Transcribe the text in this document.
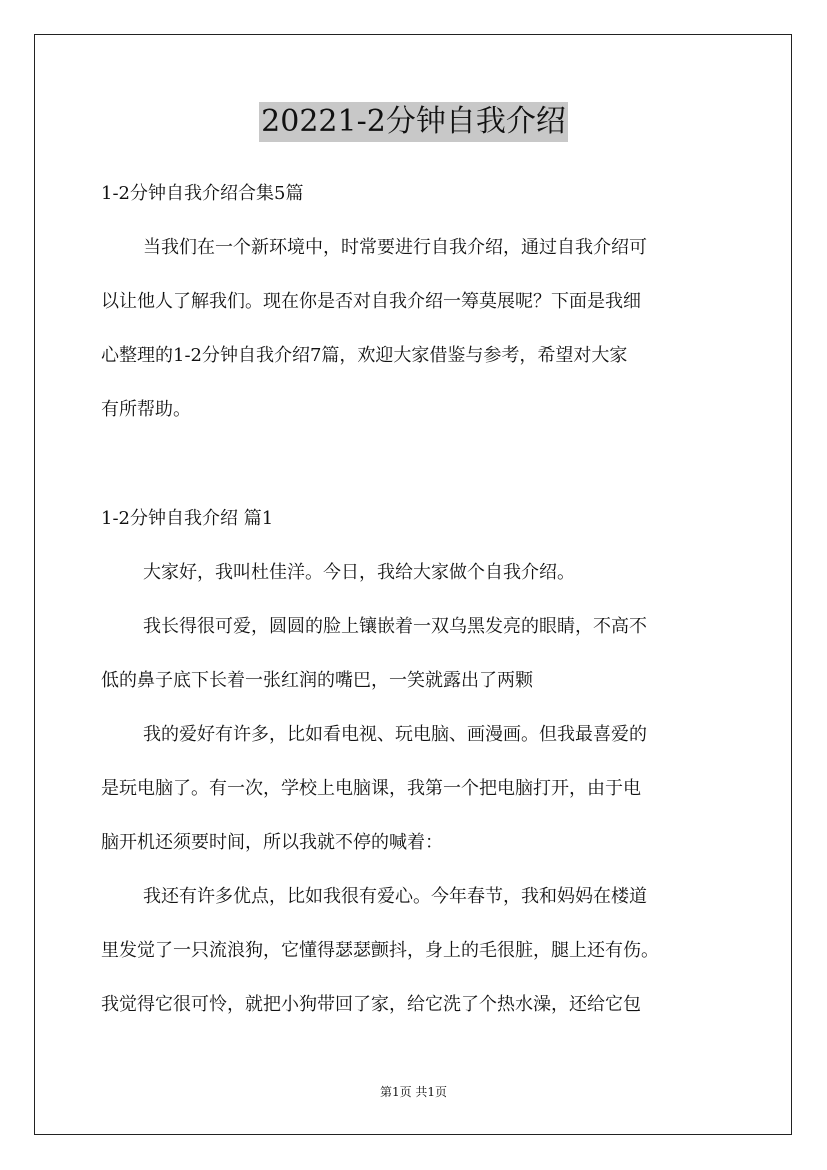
20221-2分钟自我介绍
1-2分钟自我介绍合集5篇
当我们在一个新环境中，时常要进行自我介绍，通过自我介绍可
以让他人了解我们。现在你是否对自我介绍一筹莫展呢？下面是我细
心整理的1-2分钟自我介绍7篇，欢迎大家借鉴与参考，希望对大家
有所帮助。
1-2分钟自我介绍 篇1
大家好，我叫杜佳洋。今日，我给大家做个自我介绍。
我长得很可爱，圆圆的脸上镶嵌着一双乌黑发亮的眼睛，不高不
低的鼻子底下长着一张红润的嘴巴，一笑就露出了两颗
我的爱好有许多，比如看电视、玩电脑、画漫画。但我最喜爱的
是玩电脑了。有一次，学校上电脑课，我第一个把电脑打开，由于电
脑开机还须要时间，所以我就不停的喊着：
我还有许多优点，比如我很有爱心。今年春节，我和妈妈在楼道
里发觉了一只流浪狗，它懂得瑟瑟颤抖，身上的毛很脏，腿上还有伤。
我觉得它很可怜，就把小狗带回了家，给它洗了个热水澡，还给它包
第1页 共1页
